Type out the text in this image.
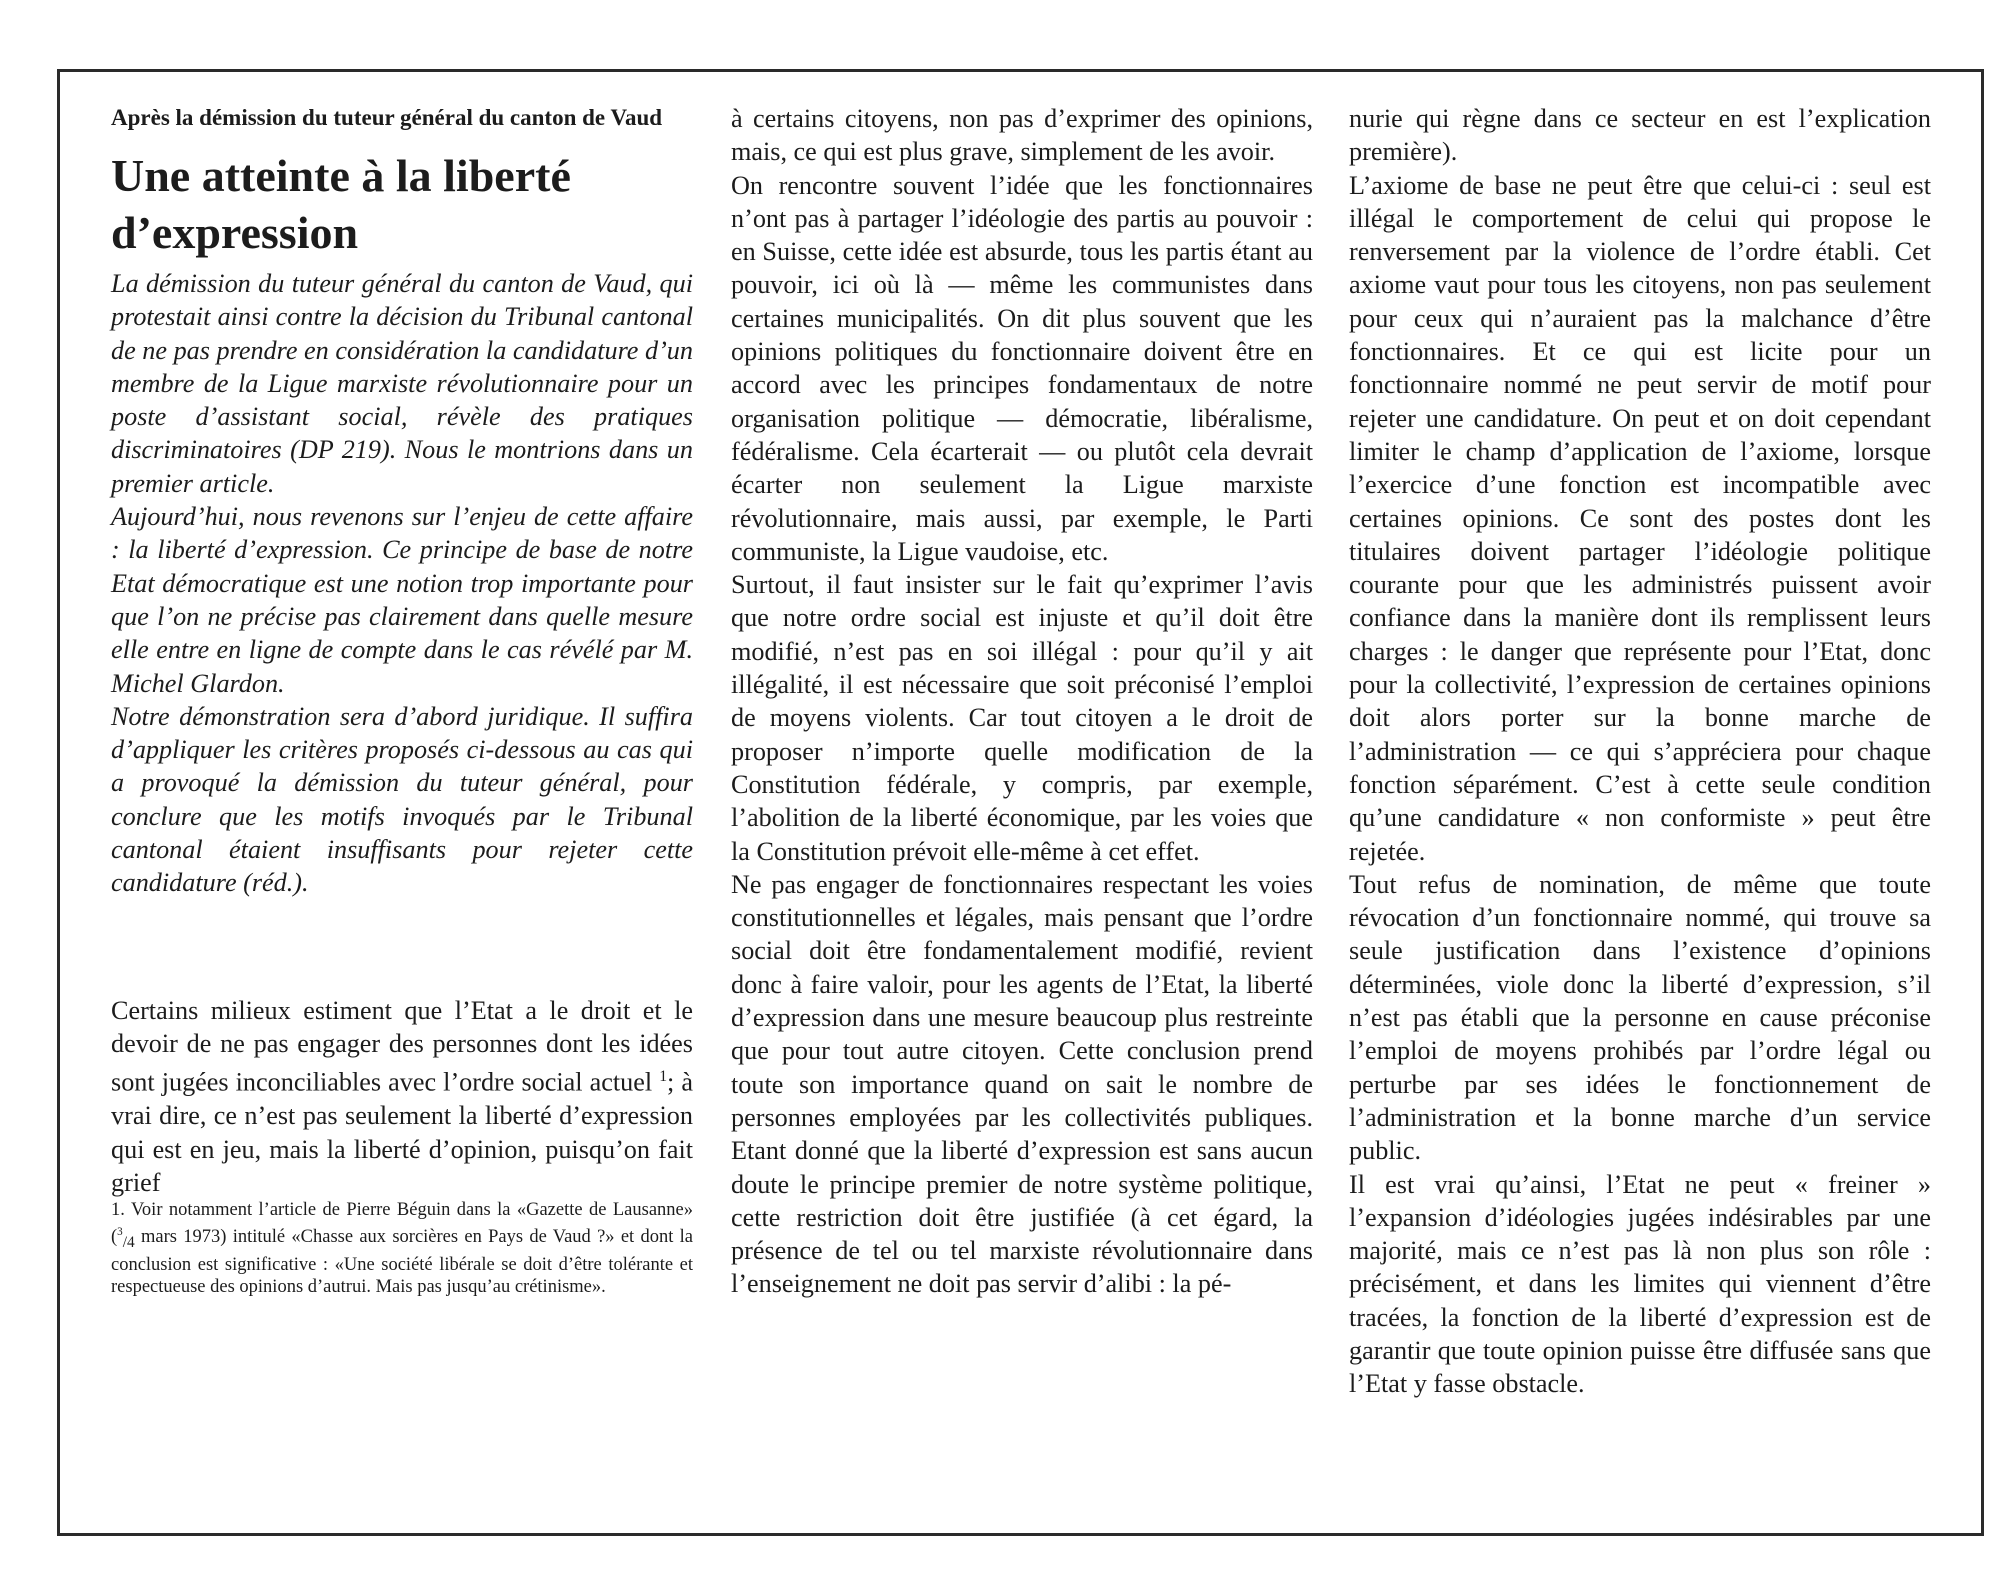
Après la démission du tuteur général du canton de Vaud

Une atteinte à la liberté d’expression

La démission du tuteur général du canton de Vaud, qui protestait ainsi contre la décision du Tribunal cantonal de ne pas prendre en considération la candidature d’un membre de la Ligue marxiste révolutionnaire pour un poste d’assistant social, révèle des pratiques discriminatoires (DP 219). Nous le montrions dans un premier article.

Aujourd’hui, nous revenons sur l’enjeu de cette affaire : la liberté d’expression. Ce principe de base de notre Etat démocratique est une notion trop importante pour que l’on ne précise pas clairement dans quelle mesure elle entre en ligne de compte dans le cas révélé par M. Michel Glardon.

Notre démonstration sera d’abord juridique. Il suffira d’appliquer les critères proposés ci-dessous au cas qui a provoqué la démission du tuteur général, pour conclure que les motifs invoqués par le Tribunal cantonal étaient insuffisants pour rejeter cette candidature (réd.).

Certains milieux estiment que l’Etat a le droit et le devoir de ne pas engager des personnes dont les idées sont jugées inconciliables avec l’ordre social actuel $^1$; à vrai dire, ce n’est pas seulement la liberté d’expression qui est en jeu, mais la liberté d’opinion, puisqu’on fait grief

1. Voir notamment l’article de Pierre Béguin dans la «Gazette de Lausanne» ($^3_{/4}$ mars 1973) intitulé «Chasse aux sorcières en Pays de Vaud ?» et dont la conclusion est significative : «Une société libérale se doit d’être tolérante et respectueuse des opinions d’autrui. Mais pas jusqu’au crétinisme».

à certains citoyens, non pas d’exprimer des opinions, mais, ce qui est plus grave, simplement de les avoir.

On rencontre souvent l’idée que les fonctionnaires n’ont pas à partager l’idéologie des partis au pouvoir : en Suisse, cette idée est absurde, tous les partis étant au pouvoir, ici où là — même les communistes dans certaines municipalités. On dit plus souvent que les opinions politiques du fonctionnaire doivent être en accord avec les principes fondamentaux de notre organisation politique — démocratie, libéralisme, fédéralisme. Cela écarterait — ou plutôt cela devrait écarter non seulement la Ligue marxiste révolutionnaire, mais aussi, par exemple, le Parti communiste, la Ligue vaudoise, etc.

Surtout, il faut insister sur le fait qu’exprimer l’avis que notre ordre social est injuste et qu’il doit être modifié, n’est pas en soi illégal : pour qu’il y ait illégalité, il est nécessaire que soit préconisé l’emploi de moyens violents. Car tout citoyen a le droit de proposer n’importe quelle modification de la Constitution fédérale, y compris, par exemple, l’abolition de la liberté économique, par les voies que la Constitution prévoit elle-même à cet effet.

Ne pas engager de fonctionnaires respectant les voies constitutionnelles et légales, mais pensant que l’ordre social doit être fondamentalement modifié, revient donc à faire valoir, pour les agents de l’Etat, la liberté d’expression dans une mesure beaucoup plus restreinte que pour tout autre citoyen. Cette conclusion prend toute son importance quand on sait le nombre de personnes employées par les collectivités publiques. Etant donné que la liberté d’expression est sans aucun doute le principe premier de notre système politique, cette restriction doit être justifiée (à cet égard, la présence de tel ou tel marxiste révolutionnaire dans l’enseignement ne doit pas servir d’alibi : la pé-

nurie qui règne dans ce secteur en est l’explication première).

L’axiome de base ne peut être que celui-ci : seul est illégal le comportement de celui qui propose le renversement par la violence de l’ordre établi. Cet axiome vaut pour tous les citoyens, non pas seulement pour ceux qui n’auraient pas la malchance d’être fonctionnaires. Et ce qui est licite pour un fonctionnaire nommé ne peut servir de motif pour rejeter une candidature. On peut et on doit cependant limiter le champ d’application de l’axiome, lorsque l’exercice d’une fonction est incompatible avec certaines opinions. Ce sont des postes dont les titulaires doivent partager l’idéologie politique courante pour que les administrés puissent avoir confiance dans la manière dont ils remplissent leurs charges : le danger que représente pour l’Etat, donc pour la collectivité, l’expression de certaines opinions doit alors porter sur la bonne marche de l’administration — ce qui s’appréciera pour chaque fonction séparément. C’est à cette seule condition qu’une candidature « non conformiste » peut être rejetée.

Tout refus de nomination, de même que toute révocation d’un fonctionnaire nommé, qui trouve sa seule justification dans l’existence d’opinions déterminées, viole donc la liberté d’expression, s’il n’est pas établi que la personne en cause préconise l’emploi de moyens prohibés par l’ordre légal ou perturbe par ses idées le fonctionnement de l’administration et la bonne marche d’un service public.

Il est vrai qu’ainsi, l’Etat ne peut « freiner » l’expansion d’idéologies jugées indésirables par une majorité, mais ce n’est pas là non plus son rôle : précisément, et dans les limites qui viennent d’être tracées, la fonction de la liberté d’expression est de garantir que toute opinion puisse être diffusée sans que l’Etat y fasse obstacle.
